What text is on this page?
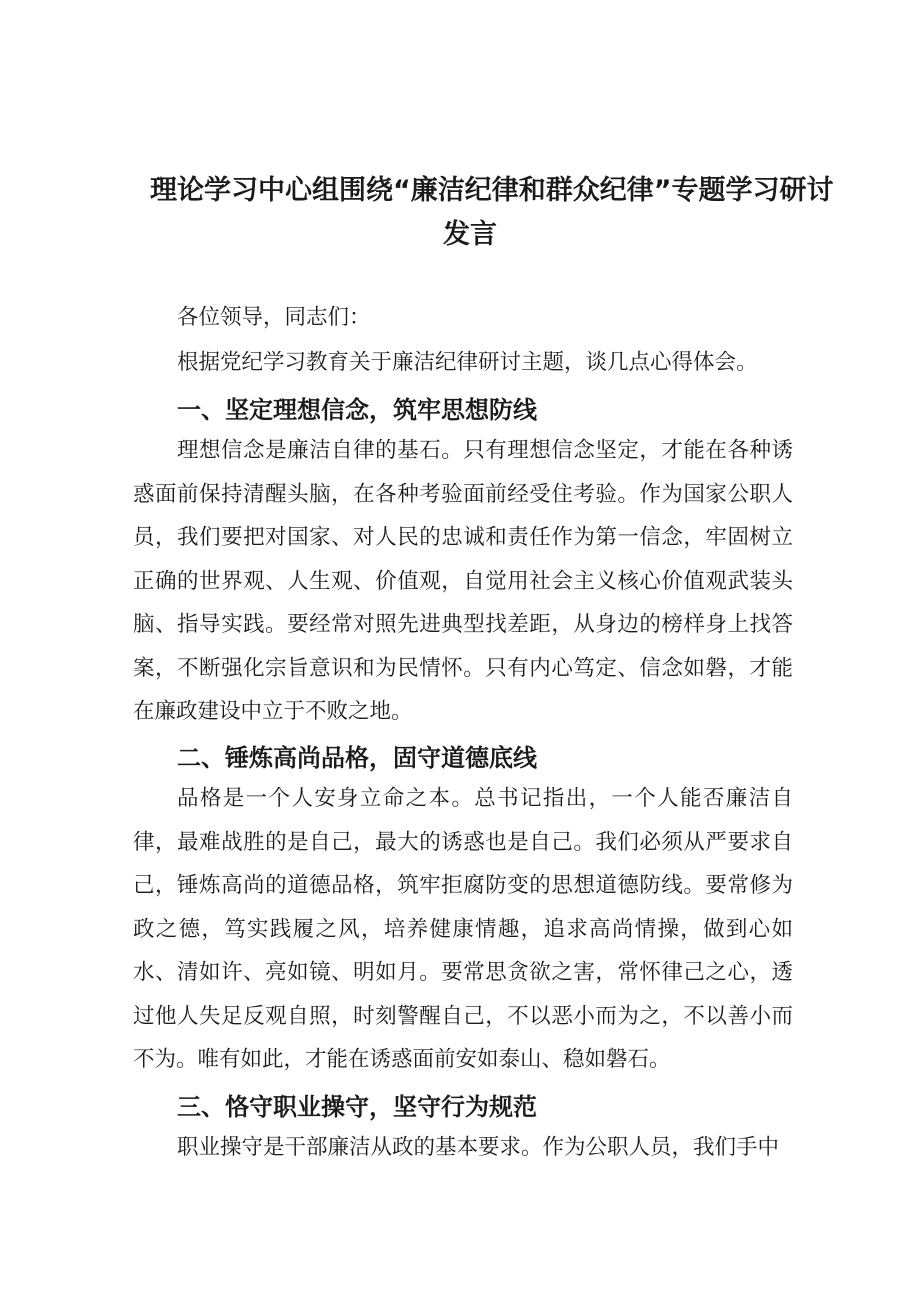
理论学习中心组围绕“廉洁纪律和群众纪律”专题学习研讨
发言
各位领导，同志们：
根据党纪学习教育关于廉洁纪律研讨主题，谈几点心得体会。
一、坚定理想信念，筑牢思想防线
理想信念是廉洁自律的基石。只有理想信念坚定，才能在各种诱惑面前保持清醒头脑，在各种考验面前经受住考验。作为国家公职人员，我们要把对国家、对人民的忠诚和责任作为第一信念，牢固树立正确的世界观、人生观、价值观，自觉用社会主义核心价值观武装头脑、指导实践。要经常对照先进典型找差距，从身边的榜样身上找答案，不断强化宗旨意识和为民情怀。只有内心笃定、信念如磐，才能在廉政建设中立于不败之地。
二、锤炼高尚品格，固守道德底线
品格是一个人安身立命之本。总书记指出，一个人能否廉洁自律，最难战胜的是自己，最大的诱惑也是自己。我们必须从严要求自己，锤炼高尚的道德品格，筑牢拒腐防变的思想道德防线。要常修为政之德，笃实践履之风，培养健康情趣，追求高尚情操，做到心如水、清如许、亮如镜、明如月。要常思贪欲之害，常怀律己之心，透过他人失足反观自照，时刻警醒自己，不以恶小而为之，不以善小而不为。唯有如此，才能在诱惑面前安如泰山、稳如磐石。
三、恪守职业操守，坚守行为规范
职业操守是干部廉洁从政的基本要求。作为公职人员，我们手中
